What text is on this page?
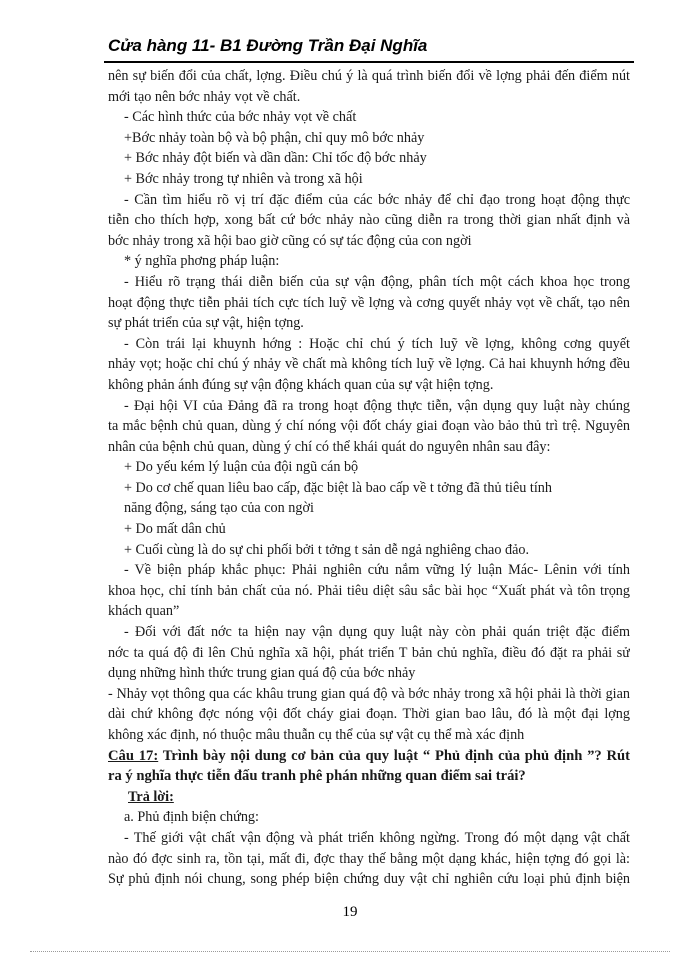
Cửa hàng 11- B1 Đường Trần Đại Nghĩa

nên sự biến đổi của chất, lợng. Điều chú ý là quá trình biến đổi về lợng phải đến điểm nút

mới tạo nên bớc nhảy vọt về chất.

- Các hình thức của bớc nhảy vọt về chất

+Bớc nhảy toàn bộ và bộ phận, chỉ quy mô bớc nhảy

+ Bớc nhảy đột biến và dần dần: Chỉ tốc độ bớc nhảy

+ Bớc nhảy trong tự nhiên và trong xã hội

- Cần tìm hiểu rõ vị trí đặc điểm của các bớc nhảy để chỉ đạo trong hoạt động thực

tiễn cho thích hợp, xong bất cứ bớc nhảy nào cũng diễn ra trong thời gian nhất định và

bớc nhảy trong xã hội bao giờ cũng có sự tác động của con ngời

* ý nghĩa phơng pháp luận:

- Hiểu rõ trạng thái diễn biến của sự vận động, phân tích một cách khoa học trong

hoạt động thực tiễn phải tích cực tích luỹ về lợng và cơng quyết nhảy vọt về chất, tạo nên

sự phát triển của sự vật, hiện tợng.

- Còn trái lại khuynh hớng : Hoặc chỉ chú ý tích luỹ về lợng, không cơng quyết

nhảy vọt; hoặc chỉ chú ý nhảy về chất mà không tích luỹ về lợng. Cả hai khuynh hớng đều

không phản ánh đúng sự vận động khách quan của sự vật hiện tợng.

- Đại hội VI của Đảng đã ra trong hoạt động thực tiễn, vận dụng quy luật này chúng

ta mắc bệnh chủ quan, dùng ý chí nóng vội đốt cháy giai đoạn vào bảo thủ trì trệ. Nguyên

nhân của bệnh chủ quan, dùng ý chí có thể khái quát do nguyên nhân sau đây:

+ Do yếu kém lý luận của đội ngũ cán bộ

+ Do cơ chế quan liêu bao cấp, đặc biệt là bao cấp về t tởng đã thủ tiêu tính

năng động, sáng tạo của con ngời

+ Do mất dân chủ

+ Cuối cùng là do sự chi phối bởi t tởng t sản dễ ngả nghiêng chao đảo.

- Về biện pháp khắc phục: Phải nghiên cứu nắm vững lý luận Mác- Lênin với tính

khoa học, chỉ tính bản chất của nó. Phải tiêu diệt sâu sắc bài học “Xuất phát và tôn trọng

khách quan”

- Đối với đất nớc ta hiện nay vận dụng quy luật này còn phải quán triệt đặc điểm

nớc ta quá độ đi lên Chủ nghĩa xã hội, phát triển T bản chủ nghĩa, điều đó đặt ra phải sử

dụng những hình thức trung gian quá độ của bớc nhảy

- Nhảy vọt thông qua các khâu trung gian quá độ và bớc nhảy trong xã hội phải là thời gian

dài chứ không đợc nóng vội đốt cháy giai đoạn. Thời gian bao lâu, đó là một đại lợng

không xác định, nó thuộc mâu thuẫn cụ thể của sự vật cụ thể mà xác định

Câu 17: Trình bày nội dung cơ bản của quy luật “ Phủ định của phủ định ”? Rút

ra ý nghĩa thực tiễn đấu tranh phê phán những quan điểm sai trái?

Trả lời:

a. Phủ định biện chứng:

- Thế giới vật chất vận động và phát triển không ngừng. Trong đó một dạng vật chất

nào đó đợc sinh ra, tồn tại, mất đi, đợc thay thế bằng một dạng khác, hiện tợng đó gọi là:

Sự phủ định nói chung, song phép biện chứng duy vật chỉ nghiên cứu loại phủ định biện

19
